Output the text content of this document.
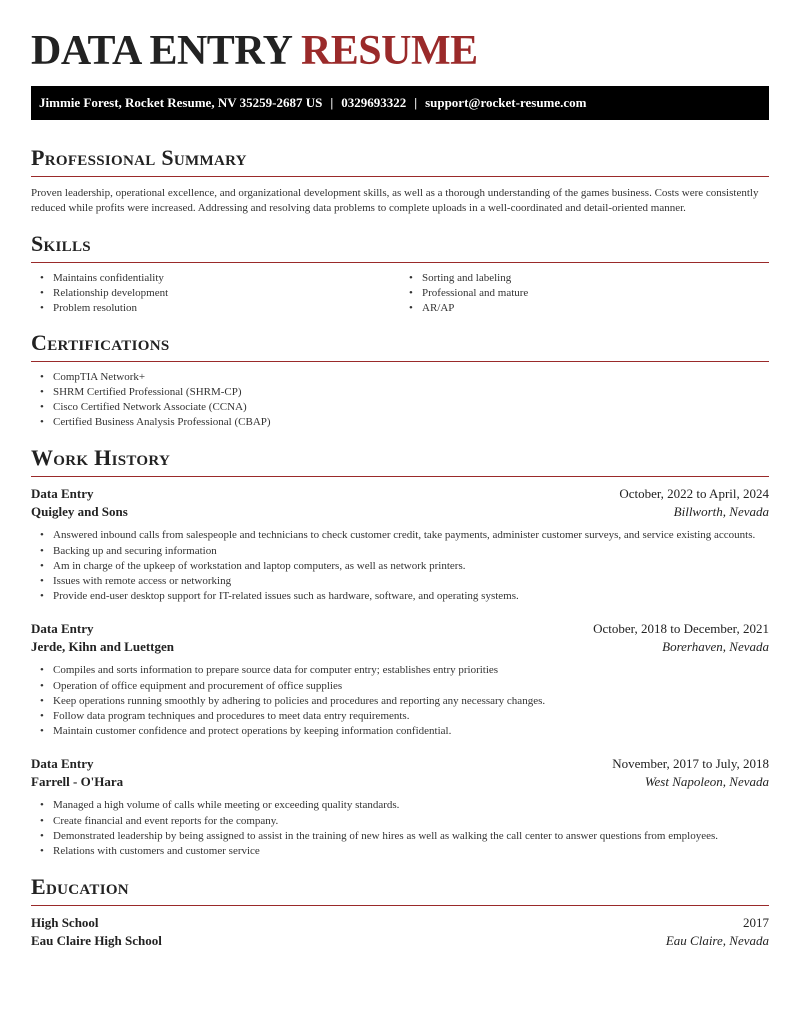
DATA ENTRY RESUME
Jimmie Forest, Rocket Resume, NV 35259-2687 US | 0329693322 | support@rocket-resume.com
Professional Summary

Proven leadership, operational excellence, and organizational development skills, as well as a thorough understanding of the games business. Costs were consistently reduced while profits were increased. Addressing and resolving data problems to complete uploads in a well-coordinated and detail-oriented manner.

Skills
• Maintains confidentiality
• Relationship development
• Problem resolution
• Sorting and labeling
• Professional and mature
• AR/AP
Certifications
• CompTIA Network+
• SHRM Certified Professional (SHRM-CP)
• Cisco Certified Network Associate (CCNA)
• Certified Business Analysis Professional (CBAP)
Work History
Data Entry	October, 2022 to April, 2024
Quigley and Sons	Billworth, Nevada
• Answered inbound calls from salespeople and technicians to check customer credit, take payments, administer customer surveys, and service existing accounts.
• Backing up and securing information
• Am in charge of the upkeep of workstation and laptop computers, as well as network printers.
• Issues with remote access or networking
• Provide end-user desktop support for IT-related issues such as hardware, software, and operating systems.
Data Entry	October, 2018 to December, 2021
Jerde, Kihn and Luettgen	Borerhaven, Nevada
• Compiles and sorts information to prepare source data for computer entry; establishes entry priorities
• Operation of office equipment and procurement of office supplies
• Keep operations running smoothly by adhering to policies and procedures and reporting any necessary changes.
• Follow data program techniques and procedures to meet data entry requirements.
• Maintain customer confidence and protect operations by keeping information confidential.
Data Entry	November, 2017 to July, 2018
Farrell - O'Hara	West Napoleon, Nevada
• Managed a high volume of calls while meeting or exceeding quality standards.
• Create financial and event reports for the company.
• Demonstrated leadership by being assigned to assist in the training of new hires as well as walking the call center to answer questions from employees.
• Relations with customers and customer service
Education
High School	2017
Eau Claire High School	Eau Claire, Nevada
